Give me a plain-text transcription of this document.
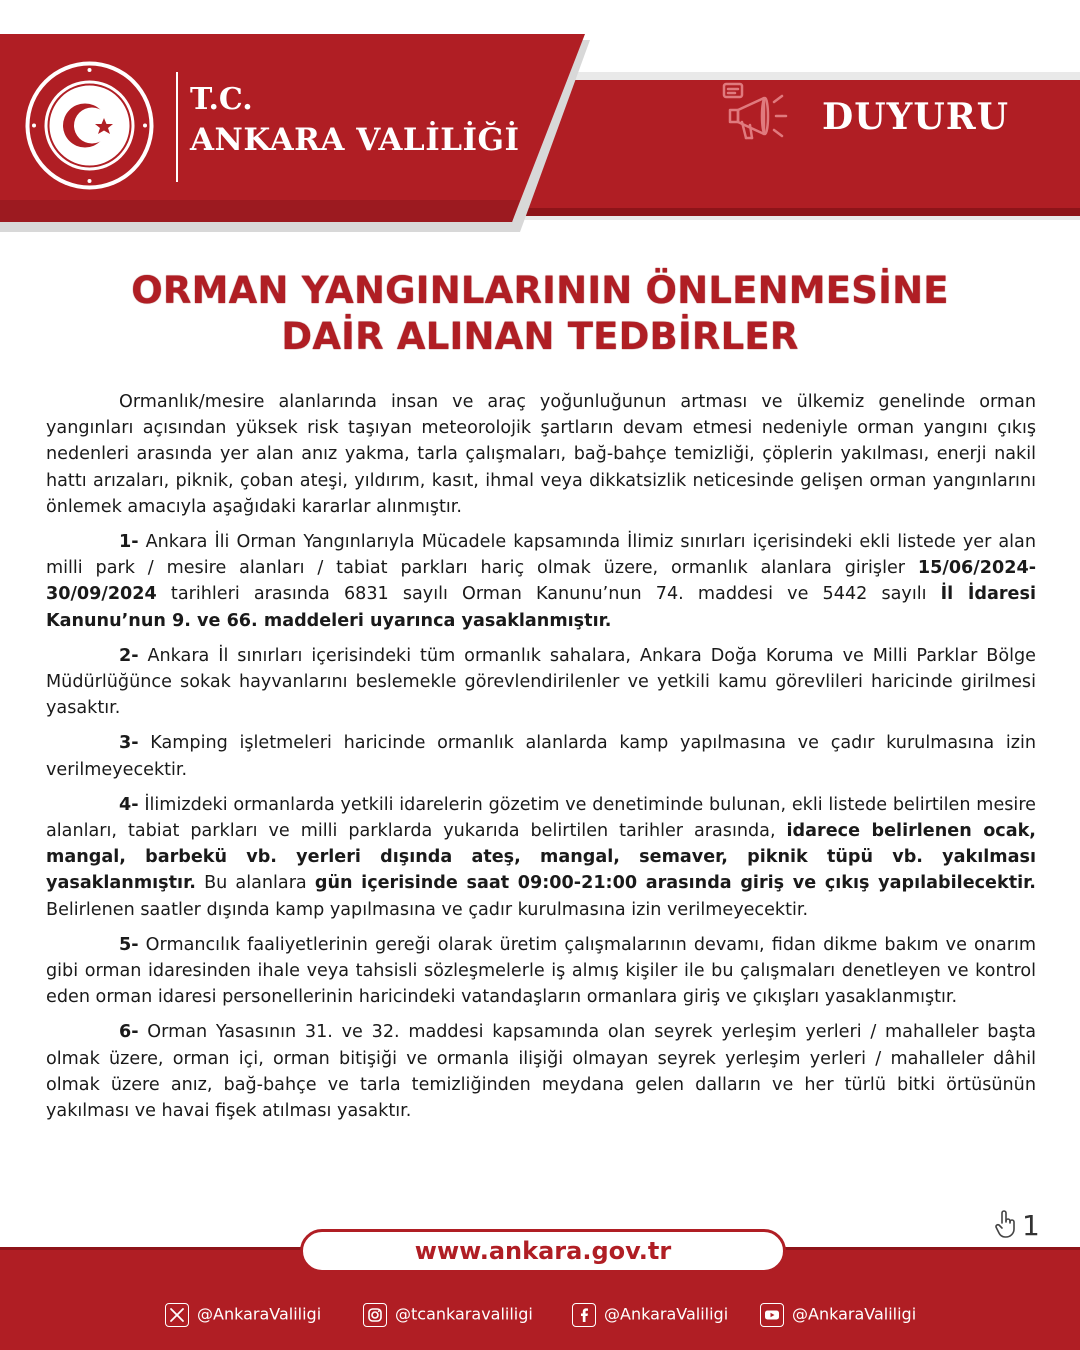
T.C.
ANKARA VALİLİĞİ
DUYURU
ORMAN YANGINLARININ ÖNLENMESİNE
DAİR ALINAN TEDBİRLER

Ormanlık/mesire alanlarında insan ve araç yoğunluğunun artması ve ülkemiz genelinde orman yangınları açısından yüksek risk taşıyan meteorolojik şartların devam etmesi nedeniyle orman yangını çıkış nedenleri arasında yer alan anız yakma, tarla çalışmaları, bağ-bahçe temizliği, çöplerin yakılması, enerji nakil hattı arızaları, piknik, çoban ateşi, yıldırım, kasıt, ihmal veya dikkatsizlik neticesinde gelişen orman yangınlarını önlemek amacıyla aşağıdaki kararlar alınmıştır.

1- Ankara İli Orman Yangınlarıyla Mücadele kapsamında İlimiz sınırları içerisindeki ekli listede yer alan milli park / mesire alanları / tabiat parkları hariç olmak üzere, ormanlık alanlara girişler 15/06/2024-30/09/2024 tarihleri arasında 6831 sayılı Orman Kanunu’nun 74. maddesi ve 5442 sayılı İl İdaresi Kanunu’nun 9. ve 66. maddeleri uyarınca yasaklanmıştır.

2- Ankara İl sınırları içerisindeki tüm ormanlık sahalara, Ankara Doğa Koruma ve Milli Parklar Bölge Müdürlüğünce sokak hayvanlarını beslemekle görevlendirilenler ve yetkili kamu görevlileri haricinde girilmesi yasaktır.

3- Kamping işletmeleri haricinde ormanlık alanlarda kamp yapılmasına ve çadır kurulmasına izin verilmeyecektir.

4- İlimizdeki ormanlarda yetkili idarelerin gözetim ve denetiminde bulunan, ekli listede belirtilen mesire alanları, tabiat parkları ve milli parklarda yukarıda belirtilen tarihler arasında, idarece belirlenen ocak, mangal, barbekü vb. yerleri dışında ateş, mangal, semaver, piknik tüpü vb. yakılması yasaklanmıştır. Bu alanlara gün içerisinde saat 09:00-21:00 arasında giriş ve çıkış yapılabilecektir. Belirlenen saatler dışında kamp yapılmasına ve çadır kurulmasına izin verilmeyecektir.

5- Ormancılık faaliyetlerinin gereği olarak üretim çalışmalarının devamı, fidan dikme bakım ve onarım gibi orman idaresinden ihale veya tahsisli sözleşmelerle iş almış kişiler ile bu çalışmaları denetleyen ve kontrol eden orman idaresi personellerinin haricindeki vatandaşların ormanlara giriş ve çıkışları yasaklanmıştır.

6- Orman Yasasının 31. ve 32. maddesi kapsamında olan seyrek yerleşim yerleri / mahalleler başta olmak üzere, orman içi, orman bitişiği ve ormanla ilişiği olmayan seyrek yerleşim yerleri / mahalleler dâhil olmak üzere anız, bağ-bahçe ve tarla temizliğinden meydana gelen dalların ve her türlü bitki örtüsünün yakılması ve havai fişek atılması yasaktır.

1
www.ankara.gov.tr
@AnkaraValiligi	@tcankaravaliligi	@AnkaraValiligi	@AnkaraValiligi
